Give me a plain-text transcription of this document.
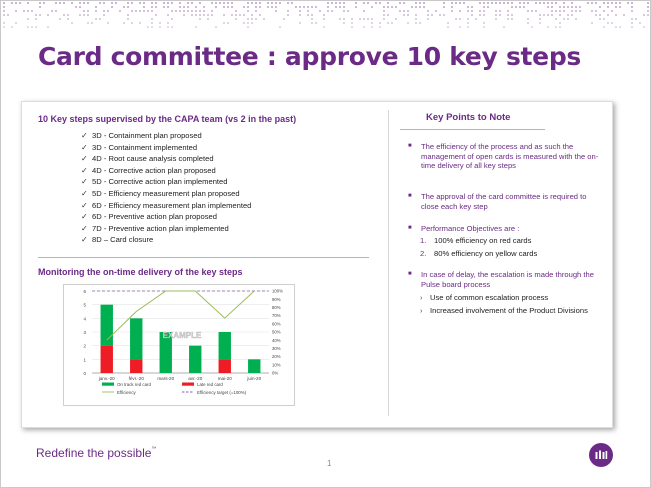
Card committee : approve 10 key steps
10 Key steps supervised by the CAPA team (vs 2 in the past)
✓ 3D - Containment plan proposed
✓ 3D - Containment implemented
✓ 4D - Root cause analysis completed
✓ 4D - Corrective action plan proposed
✓ 5D - Corrective action plan implemented
✓ 5D - Efficiency measurement plan proposed
✓ 6D - Efficiency measurement plan implemented
✓ 6D - Preventive action plan proposed
✓ 7D - Preventive action plan implemented
✓ 8D – Card closure
Monitoring the on-time delivery of the key steps
0
1
2
3
4
5
6
0%
10%
20%
30%
40%
50%
60%
70%
80%
90%
100%
janv.-20	févr.-20	mars-20	avr.-20	mai-20	juin-20
EXAMPLE
On track red card	Late red card
Efficiency	Efficiency target (=100%)
Key Points to Note
■ The efficiency of the process and as such the management of open cards is measured with the on-time delivery of all key steps
■ The approval of the card committee is required to close each key step
■ Performance Objectives are :
1. 100% efficiency on red cards
2. 80% efficiency on yellow cards
■ In case of delay, the escalation is made through the Pulse board process
› Use of common escalation process
› Increased involvement of the Product Divisions
Redefine the possible™
1
